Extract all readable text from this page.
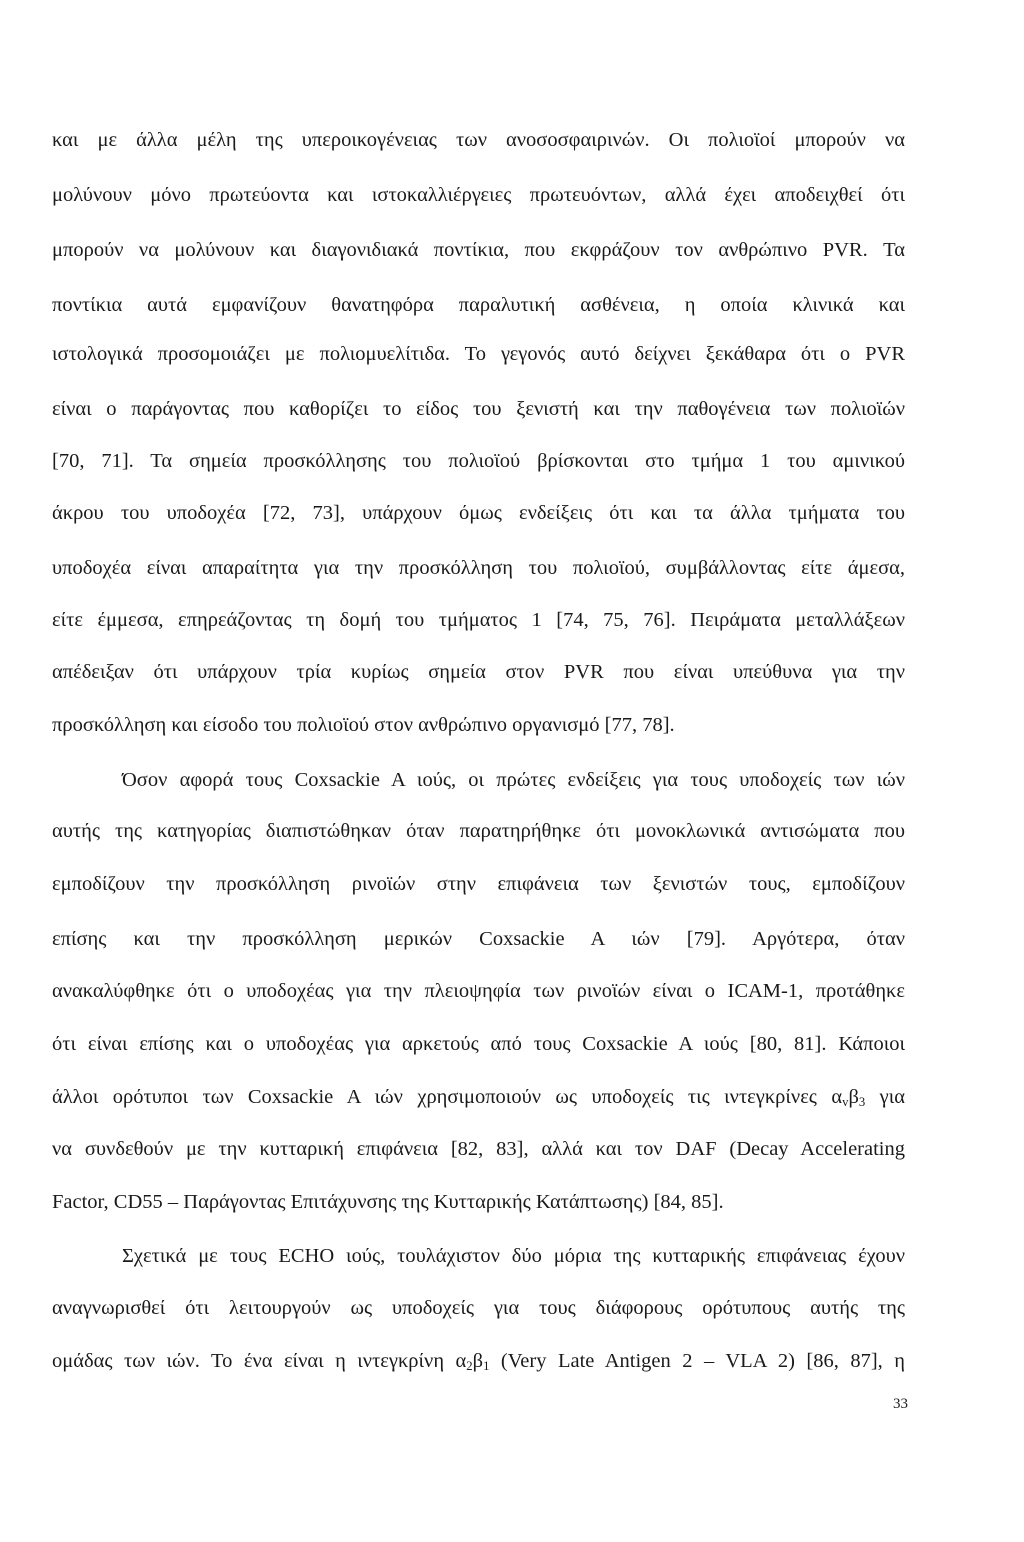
και με άλλα μέλη της υπεροικογένειας των ανοσοσφαιρινών. Οι πολιοϊοί μπορούν να
μολύνουν μόνο πρωτεύοντα και ιστοκαλλιέργειες πρωτευόντων, αλλά έχει αποδειχθεί ότι
μπορούν να μολύνουν και διαγονιδιακά ποντίκια, που εκφράζουν τον ανθρώπινο PVR. Τα
ποντίκια αυτά εμφανίζουν θανατηφόρα παραλυτική ασθένεια, η οποία κλινικά και
ιστολογικά προσομοιάζει με πολιομυελίτιδα. Το γεγονός αυτό δείχνει ξεκάθαρα ότι ο PVR
είναι ο παράγοντας που καθορίζει το είδος του ξενιστή και την παθογένεια των πολιοϊών
[70, 71]. Τα σημεία προσκόλλησης του πολιοϊού βρίσκονται στο τμήμα 1 του αμινικού
άκρου του υποδοχέα [72, 73], υπάρχουν όμως ενδείξεις ότι και τα άλλα τμήματα του
υποδοχέα είναι απαραίτητα για την προσκόλληση του πολιοϊού, συμβάλλοντας είτε άμεσα,
είτε έμμεσα, επηρεάζοντας τη δομή του τμήματος 1 [74, 75, 76]. Πειράματα μεταλλάξεων
απέδειξαν ότι υπάρχουν τρία κυρίως σημεία στον PVR που είναι υπεύθυνα για την
προσκόλληση και είσοδο του πολιοϊού στον ανθρώπινο οργανισμό [77, 78].
Όσον αφορά τους Coxsackie A ιούς, οι πρώτες ενδείξεις για τους υποδοχείς των ιών
αυτής της κατηγορίας διαπιστώθηκαν όταν παρατηρήθηκε ότι μονοκλωνικά αντισώματα που
εμποδίζουν την προσκόλληση ρινοϊών στην επιφάνεια των ξενιστών τους, εμποδίζουν
επίσης και την προσκόλληση μερικών Coxsackie A ιών [79]. Αργότερα, όταν
ανακαλύφθηκε ότι ο υποδοχέας για την πλειοψηφία των ρινοϊών είναι ο ICAM-1, προτάθηκε
ότι είναι επίσης και ο υποδοχέας για αρκετούς από τους Coxsackie A ιούς [80, 81]. Κάποιοι
άλλοι ορότυποι των Coxsackie A ιών χρησιμοποιούν ως υποδοχείς τις ιντεγκρίνες $\alpha_v\beta_3$ για
να συνδεθούν με την κυτταρική επιφάνεια [82, 83], αλλά και τον DAF (Decay Accelerating
Factor, CD55 – Παράγοντας Επιτάχυνσης της Κυτταρικής Κατάπτωσης) [84, 85].
Σχετικά με τους ECHO ιούς, τουλάχιστον δύο μόρια της κυτταρικής επιφάνειας έχουν
αναγνωρισθεί ότι λειτουργούν ως υποδοχείς για τους διάφορους ορότυπους αυτής της
ομάδας των ιών. Το ένα είναι η ιντεγκρίνη $\alpha_2\beta_1$ (Very Late Antigen 2 – VLA 2) [86, 87], η
33
